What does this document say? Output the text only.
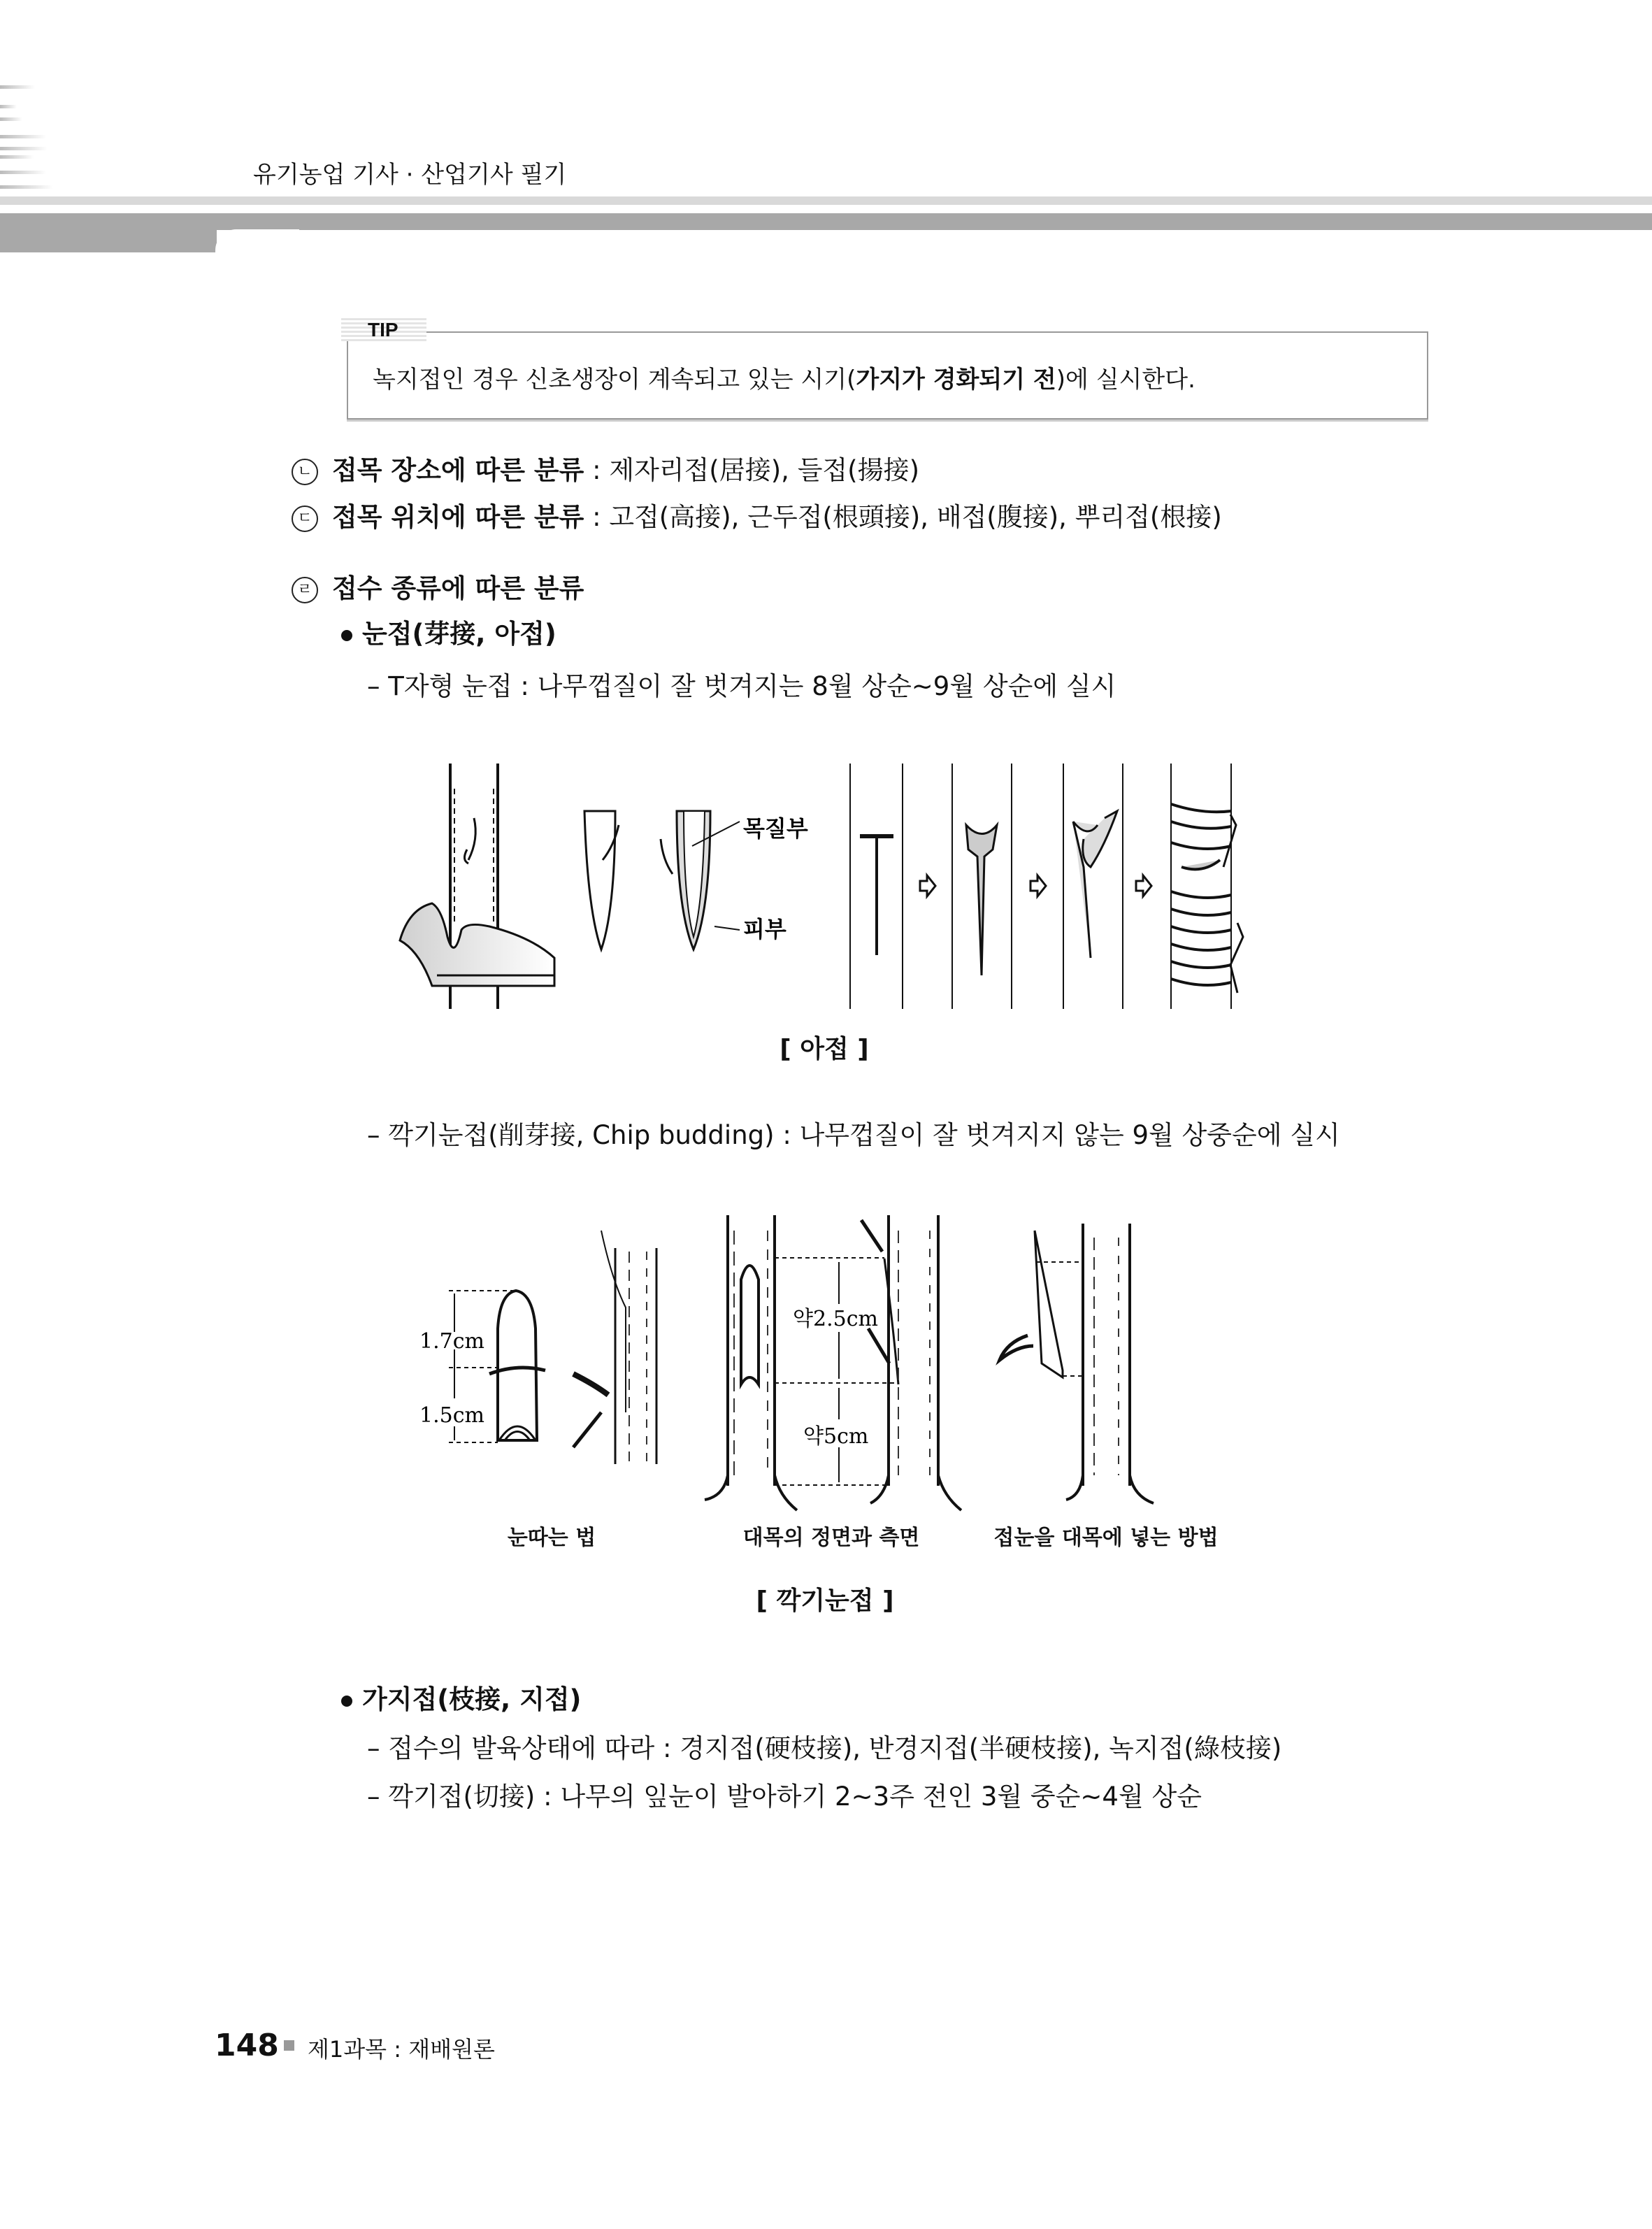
유기농업 기사 · 산업기사 필기
TIP
녹지접인 경우 신초생장이 계속되고 있는 시기(가지가 경화되기 전)에 실시한다.
ㄴ 접목 장소에 따른 분류 : 제자리접(居接), 들접(揚接)
ㄷ 접목 위치에 따른 분류 : 고접(高接), 근두접(根頭接), 배접(腹接), 뿌리접(根接)
ㄹ 접수 종류에 따른 분류
눈접(芽接, 아접)
– T자형 눈접 : 나무껍질이 잘 벗겨지는 8월 상순~9월 상순에 실시
목질부
피부
[ 아접 ]
– 깍기눈접(削芽接, Chip budding) : 나무껍질이 잘 벗겨지지 않는 9월 상중순에 실시
1.7cm
1.5cm
약2.5cm
약5cm
눈따는 법	대목의 정면과 측면	접눈을 대목에 넣는 방법
[ 깍기눈접 ]
가지접(枝接, 지접)
– 접수의 발육상태에 따라 : 경지접(硬枝接), 반경지접(半硬枝接), 녹지접(綠枝接)
– 깍기접(切接) : 나무의 잎눈이 발아하기 2~3주 전인 3월 중순~4월 상순
148 제1과목 : 재배원론
